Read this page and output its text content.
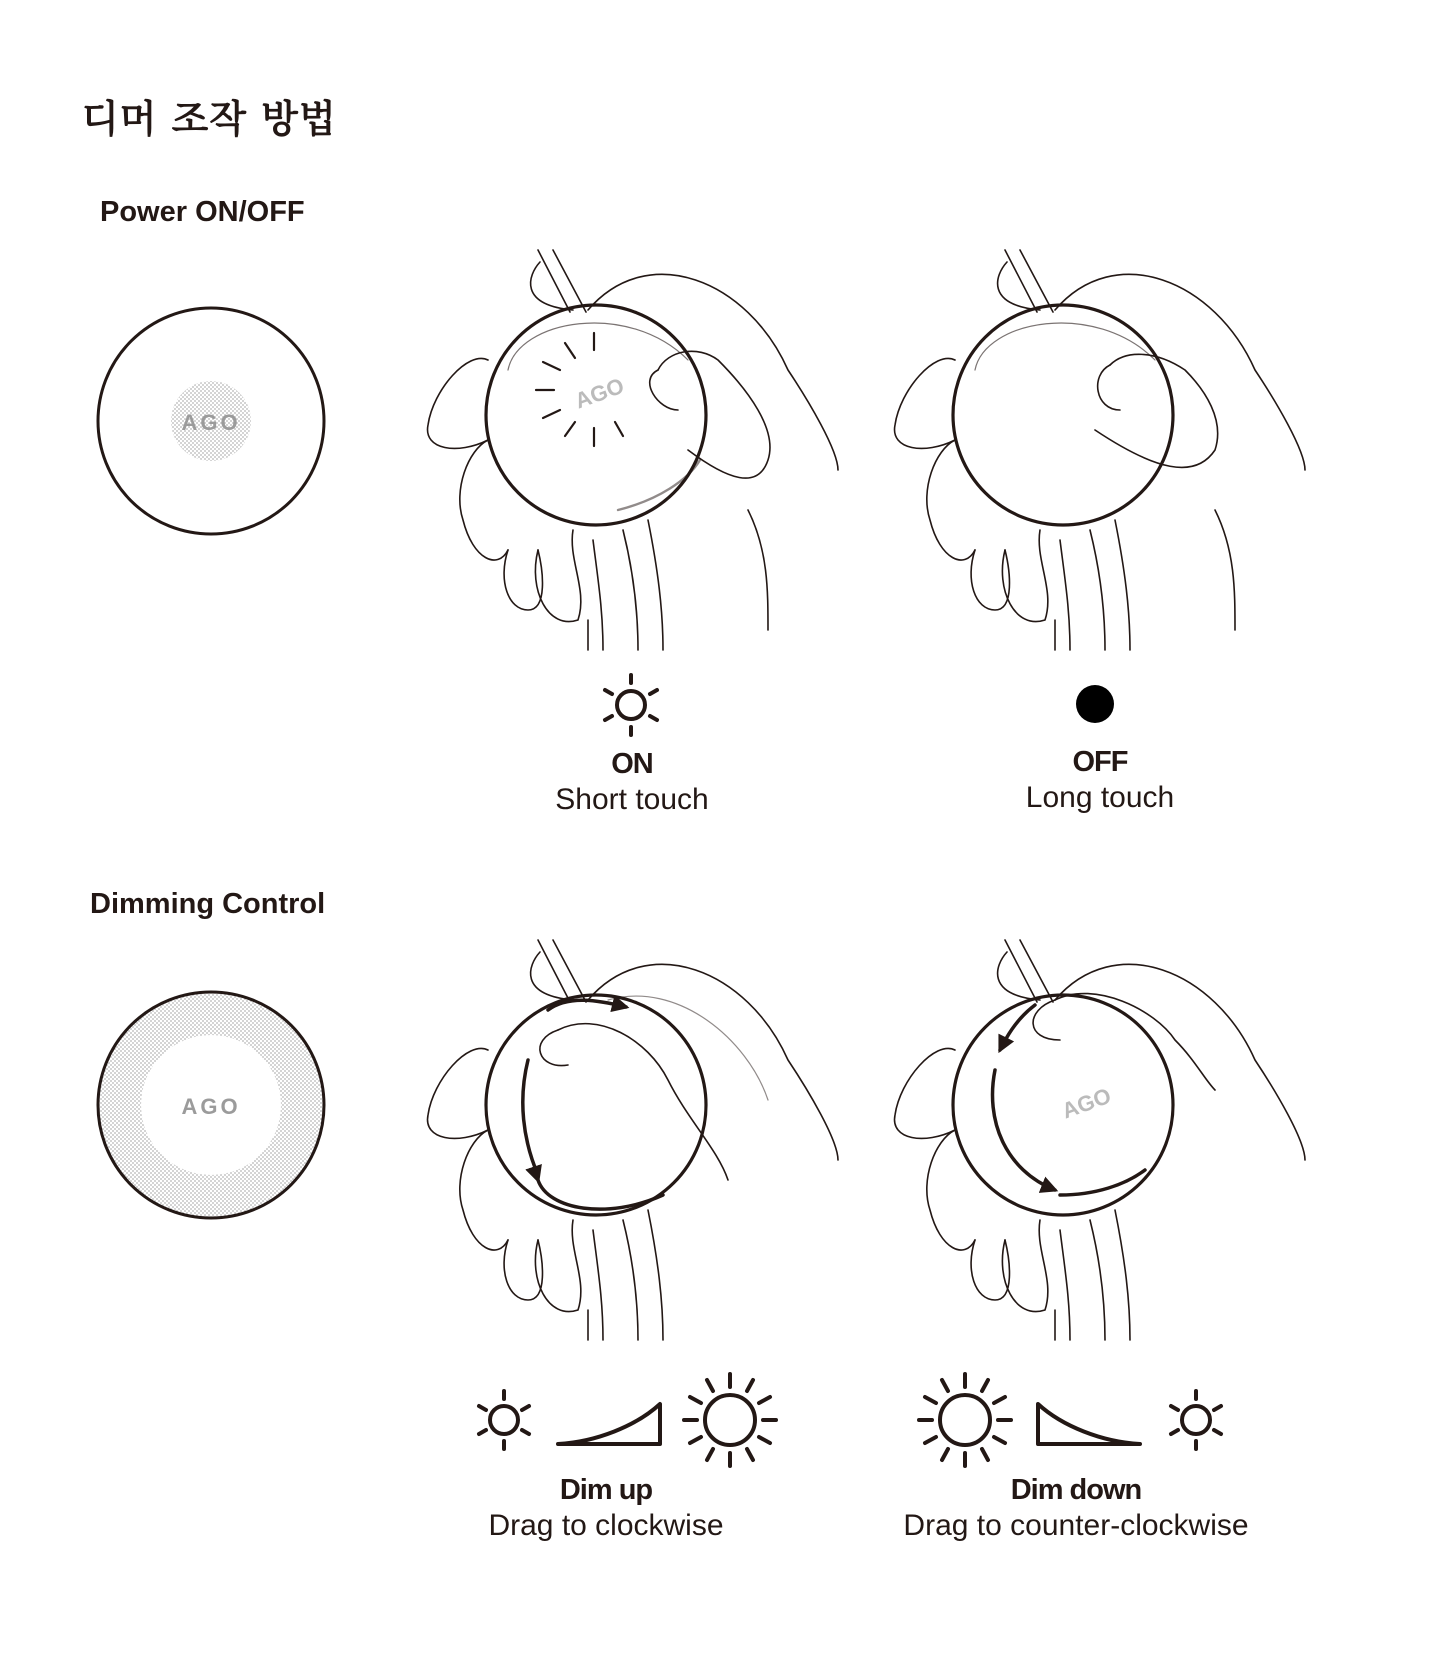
디머 조작 방법
Power ON/OFF
AGO
AGO
ON
Short touch
OFF
Long touch
Dimming Control
AGO	AGO
Dim up
Drag to clockwise
Dim down
Drag to counter-clockwise
